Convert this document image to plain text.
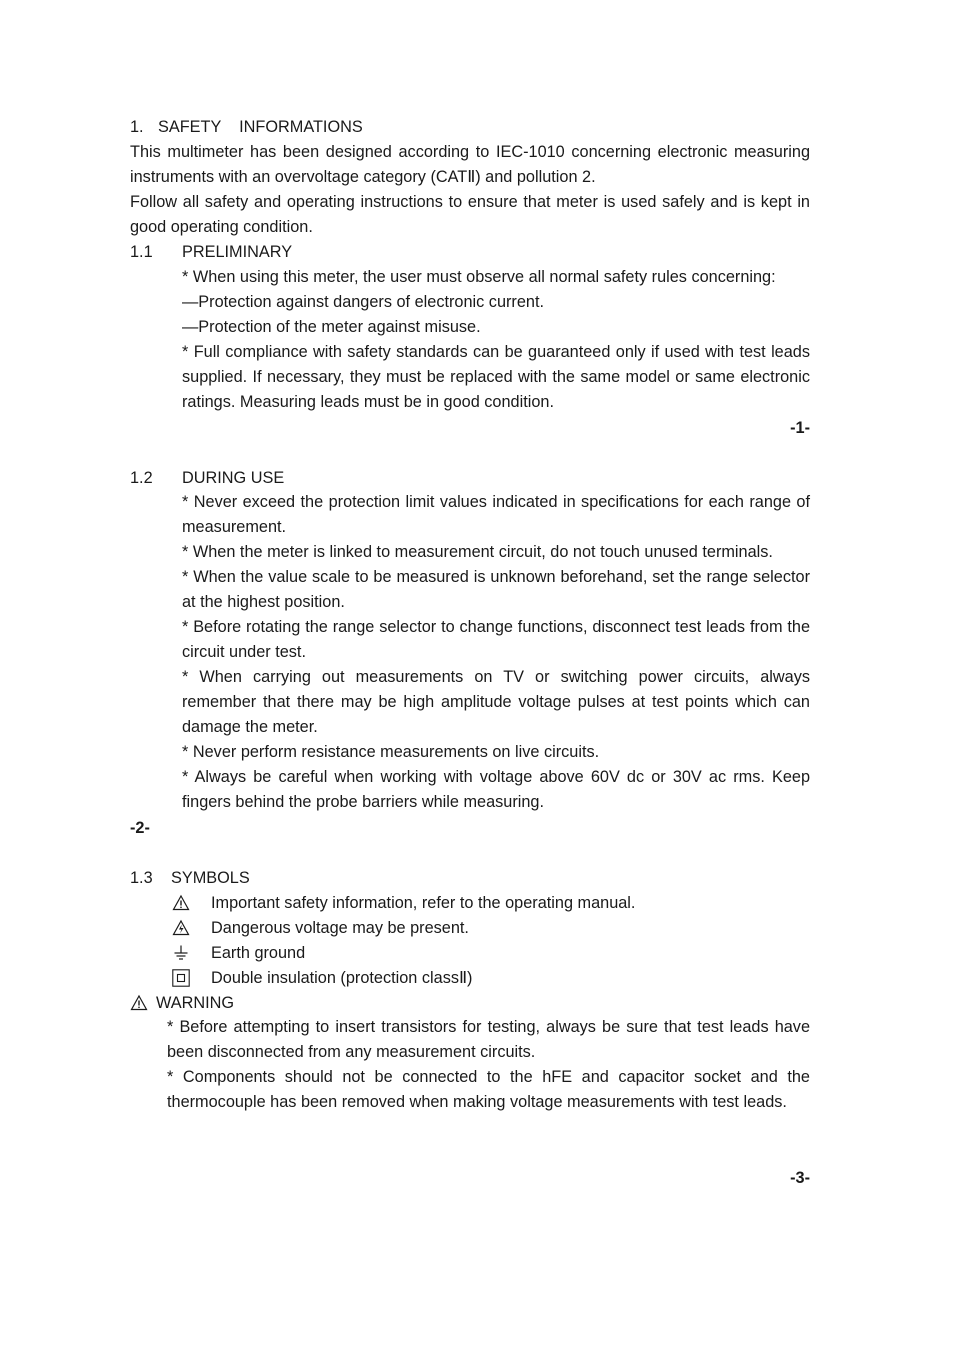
1. SAFETY    INFORMATIONS
This multimeter has been designed according to IEC-1010 concerning electronic measuring instruments with an overvoltage category (CATⅡ) and pollution 2.
Follow all safety and operating instructions to ensure that meter is used safely and is kept in good operating condition.
1.1 PRELIMINARY
* When using this meter, the user must observe all normal safety rules concerning:
—Protection against dangers of electronic current.
—Protection of the meter against misuse.
* Full compliance with safety standards can be guaranteed only if used with test leads supplied. If necessary, they must be replaced with the same model or same electronic ratings. Measuring leads must be in good condition.
-1-
1.2 DURING USE
* Never exceed the protection limit values indicated in specifications for each range of measurement.
* When the meter is linked to measurement circuit, do not touch unused terminals.
* When the value scale to be measured is unknown beforehand, set the range selector at the highest position.
* Before rotating the range selector to change functions, disconnect test leads from the circuit under test.
* When carrying out measurements on TV or switching power circuits, always remember that there may be high amplitude voltage pulses at test points which can damage the meter.
* Never perform resistance measurements on live circuits.
* Always be careful when working with voltage above 60V dc or 30V ac rms. Keep fingers behind the probe barriers while measuring.
-2-
1.3 SYMBOLS
Important safety information, refer to the operating manual.
Dangerous voltage may be present.
Earth ground
Double insulation (protection classⅡ)
WARNING
* Before attempting to insert transistors for testing, always be sure that test leads have been disconnected from any measurement circuits.
* Components should not be connected to the hFE and capacitor socket and the thermocouple has been removed when making voltage measurements with test leads.
-3-
